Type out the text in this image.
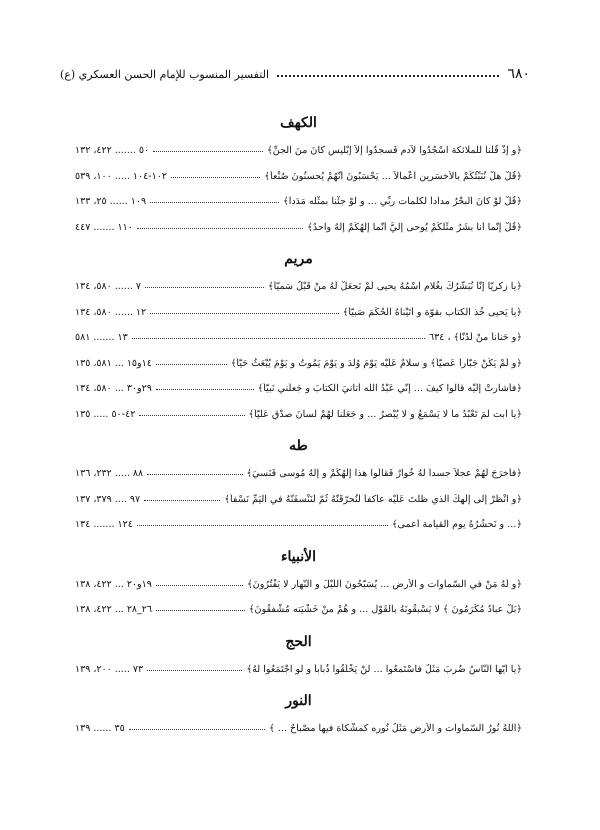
٦٨٠
التفسير المنسوب للإمام الحسن العسكري (ع)
الكهف
﴿و إذْ قُلْنا للملائكة اسْجُدُوا لآدم فَسجدُوا إلاّ إبْليس كانَ منَ الجنِّ﴾
٥٠ ....... ٤٢٢، ١٣٢
﴿قُلْ هلْ نُنَبِّئُكُمْ بالأخسَرين أعْمالاً ... يَحْسَبُونَ أنَّهُمْ يُحسنُونَ صُنْعاً﴾
١٠٢-١٠٤ ..... ١٠٠، ٥٣٩
﴿قُلْ لوْ كانَ البحْرُ مداداً لكلمات ربِّي ... و لوْ جئْنا بمثْله مَدَداً﴾
١٠٩ ...... ٢٥، ١٣٣
﴿قُلْ إنّما أنا بشَرٌ مثْلُكُمْ يُوحى إليَّ أنّما إلٰهُكُمْ إلٰهٌ واحدٌ﴾
١١٠ ....... ٤٤٧
مريم
﴿يا زكريّا إنّا نُبَشّرُكَ بغُلام اسْمُهُ يحيى لَمْ نَجعَلْ لَهُ منْ قَبْلُ سَميّاً﴾
٧ ...... ٥٨٠، ١٣٤
﴿يا يَحيى خُذ الكتاب بقوّة و آتَيْناهُ الحُكْمَ صَبيّاً﴾
١٢ ...... ٥٨٠، ١٣٤
﴿و حَناناً منْ لَدُنّا﴾ ، ٦٣٤
١٣ ....... ٥٨١
﴿و لَمْ يَكُنْ جَبّاراً عَصيّاً﴾ و سلامٌ عَلَيْه يَوْمَ وُلدَ و يَوْمَ يَمُوتُ و يَوْمَ يُبْعَثُ حَيّاً﴾
١٤و١٥ ... ٥٨١، ١٣٥
﴿فأشارتْ إلَيْه قالوا كيفَ ... إنّي عَبْدُ الله آتانيَ الكتابَ و جَعلَني نَبيّاً﴾
٢٩و٣٠ ... ٥٨٠، ١٣٤
﴿يا أبت لمَ تَعْبُدُ ما لا يَسْمَعُ و لا يُبْصرُ ... و جَعَلْنا لهُمْ لسانَ صدْقٍ عَليّاً﴾
٤٢-٥٠ ..... ١٣٥
طه
﴿فأخرَجَ لَهُمْ عجلاً جسداً لهُ خُوارٌ فَقالُوا هذا إلٰهُكُمْ و إلٰهُ مُوسى فَنَسيَ﴾
٨٨ ..... ٢٣٢، ١٣٦
﴿و انْظُرْ إلى إلٰهكَ الذي ظلْتَ عَلَيْه عاكفاً لَنُحرّقَنّهُ ثُمّ لَنَنْسفَنّهُ في اليَمِّ نَسْفاً﴾
٩٧ .... ٣٧٩، ١٣٧
﴿... و نَحشُرُهُ يوم القيامة أعمى﴾
١٢٤ ....... ١٣٤
الأنبياء
﴿و لَهُ مَنْ في السّماوات و الأرض ... يُسَبّحُونَ اللّيْلَ و النّهار لا يَفْتُرُونَ﴾
١٩و٢٠ ... ٤٢٢، ١٣٨
﴿بَلْ عبادٌ مُكْرَمُونَ ﴾ لا يَسْبقُونَهُ بالقَوْل ... و هُمْ منْ خَشْيَته مُشْفقُونَ﴾
٢٦_٢٨ ... ٤٢٢، ١٣٨
الحج
﴿يا أيّها النّاسُ ضُربَ مَثَلٌ فاسْتَمعُوا ... لنْ يَخْلُقُوا ذُباباً و لو اجْتَمَعُوا لهُ﴾
٧٣ ..... ٢٠٠، ١٣٩
النور
﴿اللهُ نُورُ السّماوات و الأرض مَثَلُ نُوره كمشْكاة فيها مصْباحٌ ... ﴾
٣٥ ...... ١٣٩
